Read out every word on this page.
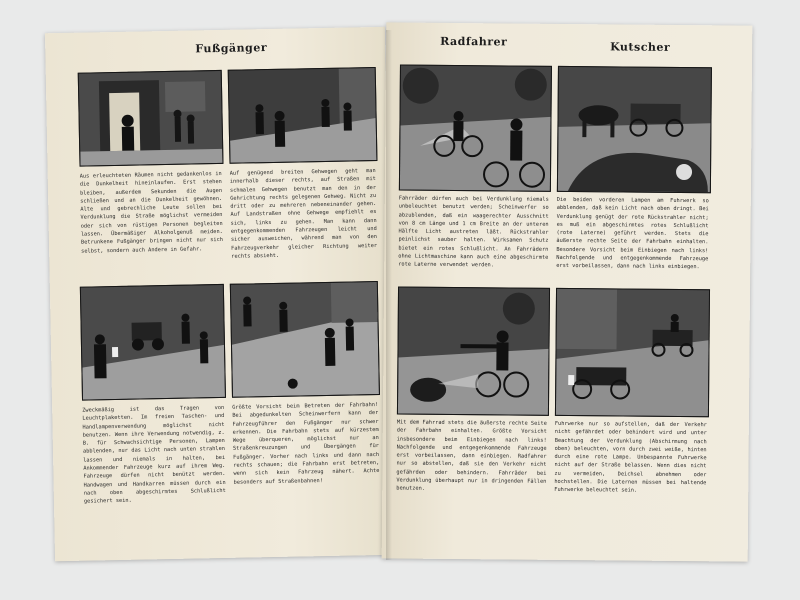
Fußgänger
Aus erleuchteten Räumen nicht gedankenlos in die Dunkelheit hineinlaufen. Erst stehen bleiben, außerdem Sekunden die Augen schließen und an die Dunkelheit gewöhnen. Alte und gebrechliche Leute sollen bei Verdunklung die Straße möglichst vermeiden oder sich von rüstigen Personen begleiten lassen. Übermäßiger Alkoholgenuß meiden. Betrunkene Fußgänger bringen nicht nur sich selbst, sondern auch Andere in Gefahr.
Auf genügend breiten Gehwegen geht man innerhalb dieser rechts, auf Straßen mit schmalen Gehwegen benutzt man den in der Gehrichtung rechts gelegenen Gehweg. Nicht zu dritt oder zu mehreren nebeneinander gehen. Auf Landstraßen ohne Gehwege empfiehlt es sich, links zu gehen. Man kann dann entgegenkommenden Fahrzeugen leicht und sicher ausweichen, während man von den Fahrzeugverkehr gleicher Richtung weiter rechts absieht.
Zweckmäßig ist das Tragen von Leuchtplaketten. Im freien Taschen- und Handlampenverwendung möglichst nicht benutzen. Wenn ihre Verwendung notwendig, z. B. für Schwachsichtige Personen, Lampen abblenden, nur das Licht nach unten strahlen lassen und niemals in halten, bei Ankommender Fahrzeuge kurz auf ihrem Weg. Fahrzeuge dürfen nicht benützt werden. Handwagen und Handkarren müssen durch ein nach oben abgeschirmtes Schlußlicht gesichert sein.
Größte Vorsicht beim Betreten der Fahrbahn! Bei abgedunkelten Scheinwerfern kann der Fahrzeugführer den Fußgänger nur schwer erkennen. Die Fahrbahn stets auf kürzestem Wege überqueren, möglichst nur an Straßenkreuzungen und Übergängen für Fußgänger. Vorher nach links und dann nach rechts schauen; die Fahrbahn erst betreten, wenn sich kein Fahrzeug nähert. Achte besonders auf Straßenbahnen!
Radfahrer	Kutscher
Fahrräder dürfen auch bei Verdunklung niemals unbeleuchtet benutzt werden; Scheinwerfer so abzublenden, daß ein waagerechter Ausschnitt von 8 cm Länge und 1 cm Breite an der unteren Hälfte Licht austreten läßt. Rückstrahler peinlichst sauber halten. Wirksamen Schutz bietet ein rotes Schlußlicht. An Fahrrädern ohne Lichtmaschine kann auch eine abgeschirmte rote Laterne verwendet werden.
Die beiden vorderen Lampen am Fuhrwerk so abblenden, daß kein Licht nach oben dringt. Bei Verdunklung genügt der rote Rückstrahler nicht; es muß ein abgeschirmtes rotes Schlußlicht (rote Laterne) geführt werden. Stets die äußerste rechte Seite der Fahrbahn einhalten. Besondere Vorsicht beim Einbiegen nach links! Nachfolgende und entgegenkommende Fahrzeuge erst vorbeilassen, dann nach links einbiegen.
Mit dem Fahrrad stets die äußerste rechte Seite der Fahrbahn einhalten. Größte Vorsicht insbesondere beim Einbiegen nach links! Nachfolgende und entgegenkommende Fahrzeuge erst vorbeilassen, dann einbiegen. Radfahrer nur so abstellen, daß sie den Verkehr nicht gefährden oder behindern. Fahrräder bei Verdunklung überhaupt nur in dringenden Fällen benutzen.
Fuhrwerke nur so aufstellen, daß der Verkehr nicht gefährdet oder behindert wird und unter Beachtung der Verdunklung (Abschirmung nach oben) beleuchten, vorn durch zwei weiße, hinten durch eine rote Lampe. Unbespannte Fuhrwerke nicht auf der Straße belassen. Wenn dies nicht zu vermeiden, Deichsel abnehmen oder hochstellen. Die Laternen müssen bei haltende Fuhrwerke beleuchtet sein.
